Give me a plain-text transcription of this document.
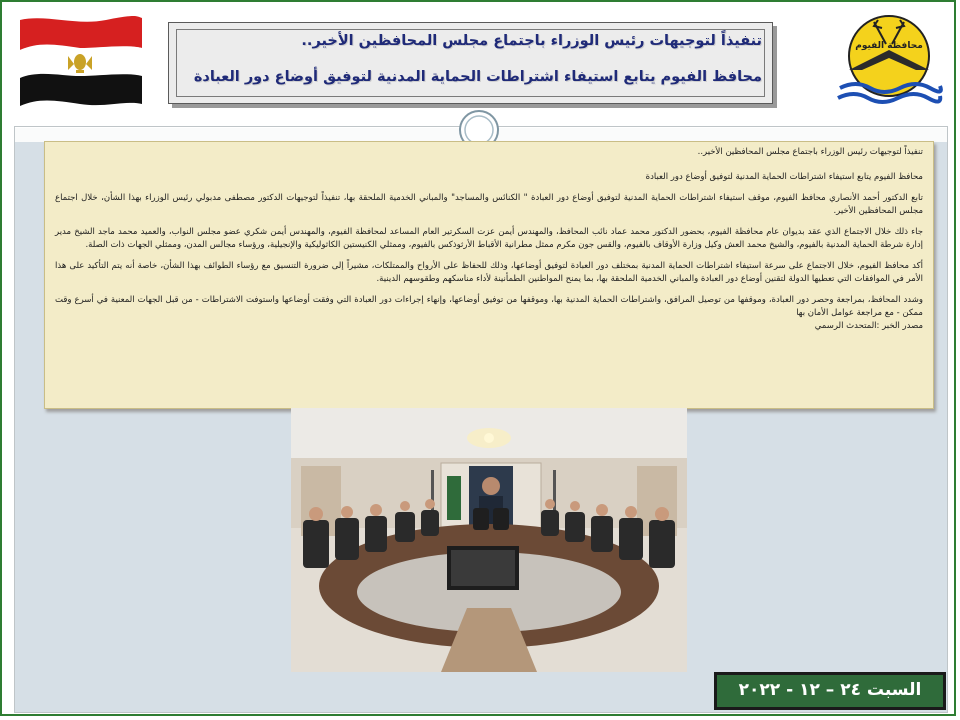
تنفيذاً لتوجيهات رئيس الوزراء باجتماع مجلس المحافظين الأخير..
محافظ الفيوم يتابع استيفاء اشتراطات الحماية المدنية لتوفيق أوضاع دور العبادة
محافظة الفيوم

تنفيذاً لتوجيهات رئيس الوزراء باجتماع مجلس المحافظين الأخير..

محافظ الفيوم يتابع استيفاء اشتراطات الحماية المدنية لتوفيق أوضاع دور العبادة

تابع الدكتور أحمد الأنصاري محافظ الفيوم، موقف استيفاء اشتراطات الحماية المدنية لتوفيق أوضاع دور العبادة " الكنائس والمساجد" والمباني الخدمية الملحقة بها، تنفيذاً لتوجيهات الدكتور مصطفى مدبولي رئيس الوزراء بهذا الشأن، خلال اجتماع مجلس المحافظين الأخير.

جاء ذلك خلال الاجتماع الذي عقد بديوان عام محافظة الفيوم، بحضور الدكتور محمد عماد نائب المحافظ، والمهندس أيمن عزت السكرتير العام المساعد لمحافظة الفيوم، والمهندس أيمن شكري عضو مجلس النواب، والعميد محمد ماجد الشيخ مدير إدارة شرطة الحماية المدنية بالفيوم، والشيخ محمد العش وكيل وزارة الأوقاف بالفيوم، والقس جون مكرم ممثل مطرانية الأقباط الأرثوذكس بالفيوم، وممثلي الكنيستين الكاثوليكية والإنجيلية، ورؤساء مجالس المدن، وممثلي الجهات ذات الصلة.

أكد محافظ الفيوم، خلال الاجتماع على سرعة استيفاء اشتراطات الحماية المدنية بمختلف دور العبادة لتوفيق أوضاعها، وذلك للحفاظ على الأرواح والممتلكات، مشيراً إلى ضرورة التنسيق مع رؤساء الطوائف بهذا الشأن، خاصة أنه يتم التأكيد على هذا الأمر في الموافقات التي تعطيها الدولة لتقنين أوضاع دور العبادة والمباني الخدمية الملحقة بها، بما يمنح المواطنين الطمأنينة لأداء مناسكهم وطقوسهم الدينية.

وشدد المحافظ، بمراجعة وحصر دور العبادة، وموقفها من توصيل المرافق، واشتراطات الحماية المدنية بها، وموقفها من توفيق أوضاعها، وإنهاء إجراءات دور العبادة التي وفقت أوضاعها واستوفت الاشتراطات - من قبل الجهات المعنية في أسرع وقت ممكن - مع مراجعة عوامل الأمان بها

مصدر الخبر :المتحدث الرسمي

السبت ٢٤ – ١٢ - ٢٠٢٢
